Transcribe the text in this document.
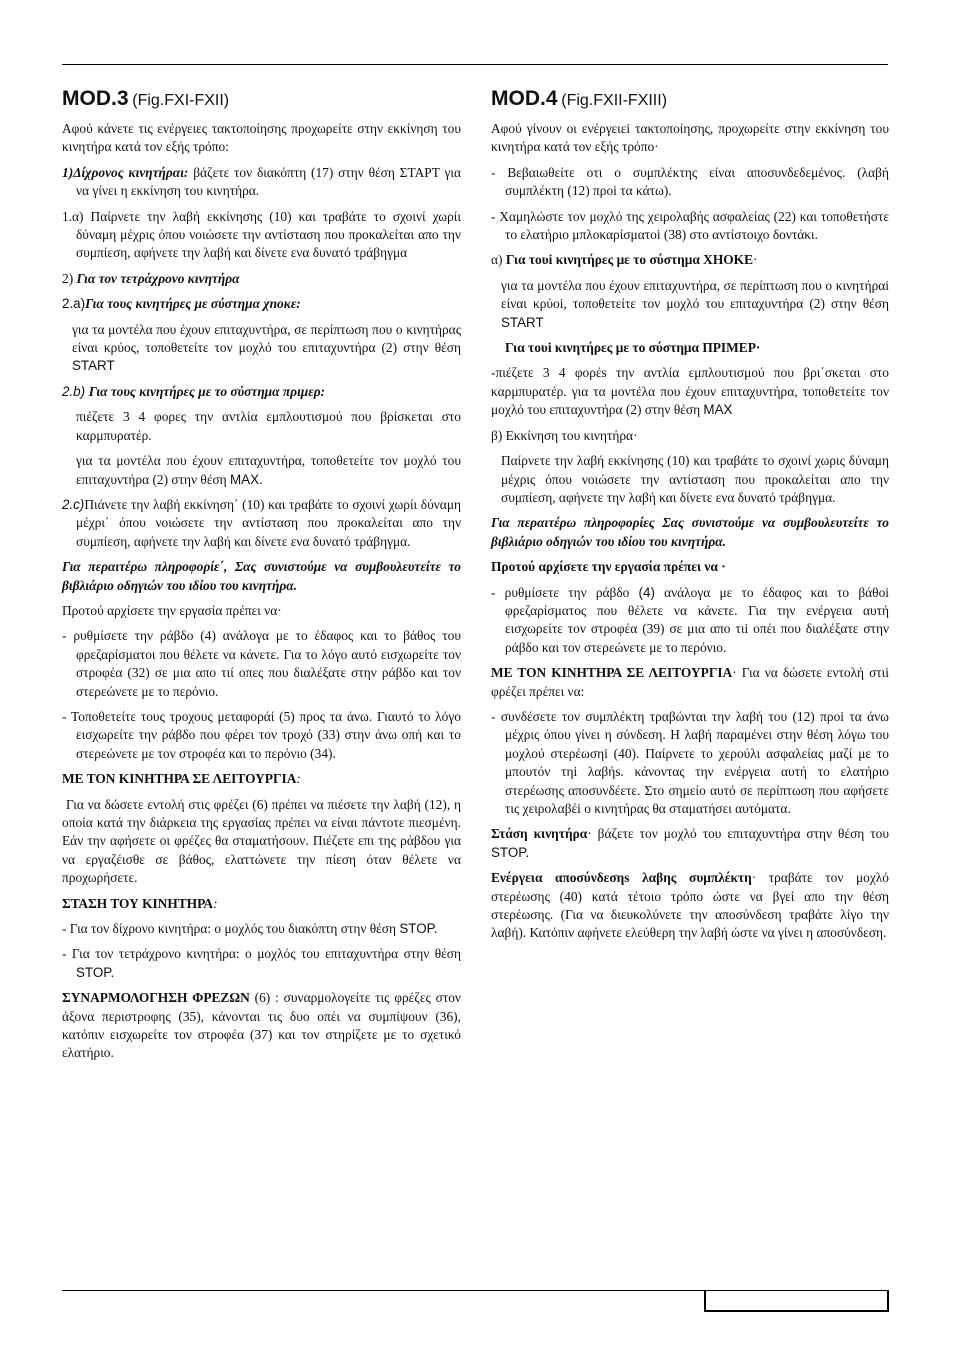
MOD.3 (Fig.FXI-FXII)

Αφού κάνετε τις ενέργειες τακτοποίησης προχωρείτε στην εκκίνηση του κινητήρα κατά τον εξής τρόπο:

1)Δίχρονος κινητήραι: βάζετε τον διακόπτη (17) στην θέση ΣΤΑΡΤ για να γίνει η εκκίνηση του κινητήρα.

1.α) Παίρνετε την λαβή εκκίνησης (10) και τραβάτε το σχοινί χωρίι δύναμη μέχρις όπου νοιώσετε την αντίσταση που προκαλείται απο την συμπίεση, αφήνετε την λαβή και δίνετε ενα δυνατό τράβηγμα

2) Για τον τετράχρονο κινητήρα

2.a)Για τους κινητήρες με σύστημα χnοκε:

για τα μοντέλα που έχουν επιταχυντήρα, σε περίπτωση που ο κινητήρας είναι κρύος, τοποθετείτε τον μοχλό του επιταχυντήρα (2) στην θέση START

2.b) Για τους κινητήρες με το σύστημα πριμερ:

πιέζετε 3 4 φορες την αντλία εμπλουτισμού που βρίσκεται στο καρμπυρατέρ.

για τα μοντέλα που έχουν επιταχυντήρα, τοποθετείτε τον μοχλό του επιταχυντήρα (2) στην θέση MAX.

2.c)Πιάνετε την λαβή εκκίνηση΄ (10) και τραβάτε το σχοινί χωρίι δύναμη μέχρι΄ όπου νοιώσετε την αντίσταση που προκαλείται απο την συμπίεση, αφήνετε την λαβή και δίνετε ενα δυνατό τράβηγμα.

Για περαιτέρω πληροφορίε΄, Σας συνιστούμε να συμβουλευτείτε το βιβλιάριο οδηγιών του ιδίου του κινητήρα.

Προτού αρχίσετε την εργασία πρέπει να·

- ρυθμίσετε την ράβδο (4) ανάλογα με το έδαφος και το βάθος του φρεζαρίσματοι που θέλετε να κάνετε. Για το λόγο αυτό εισχωρείτε τον στροφέα (32) σε μια απο τιί οπες που διαλέξατε στην ράβδο και τον στερεώνετε με το περόνιο.

- Τοποθετείτε τους τροχους μεταφοράί (5) προς τα άνω. Γιαυτό το λόγο εισχωρείτε την ράβδο που φέρει τον τροχό (33) στην άνω οπή και το στερεώνετε με τον στροφέα και το περόνιο (34).

ΜΕ ΤΟΝ ΚΙΝΗΤΗΡΑ ΣΕ ΛΕΙΤΟΥΡΓΙΑ:

Για να δώσετε εντολή στις φρέζει (6) πρέπει να πιέσετε την λαβή (12), η οποία κατά την διάρκεια της εργασίας πρέπει να είναι πάντοτε πιεσμένη. Εάν την αφήσετε οι φρέζες θα σταματήσουν. Πιέζετε επι της ράβδου για να εργαζέισθε σε βάθος, ελαττώνετε την πίεση όταν θέλετε να προχωρήσετε.

ΣΤΑΣΗ ΤΟΥ ΚΙΝΗΤΗΡΑ:

- Για τον δίχρονο κινητήρα: ο μοχλός του διακόπτη στην θέση STOP.

- Για τον τετράχρονο κινητήρα: ο μοχλός του επιταχυντήρα στην θέση STOP.

ΣΥΝΑΡΜΟΛΟΓΗΣΗ ΦΡΕΖΩΝ (6) : συναρμολογείτε τις φρέζες στον άξονα περιστροφης (35), κάνονται τις δυο οπέι να συμπίψουν (36), κατόπιν εισχωρείτε τον στροφέα (37) και τον στηρίζετε με το σχετικό ελατήριο.

MOD.4 (Fig.FXII-FXIII)

Αφού γίνουν οι ενέργειεi τακτοποίησης, προχωρείτε στην εκκίνηση του κινητήρα κατά τον εξής τρόπο·

- Βεβαιωθείτε οτι ο συμπλέκτης είναι αποσυνδεδεμένος. (λαβή συμπλέκτη (12) προi τα κάτω).

- Χαμηλώστε τον μοχλό της χειρολαβής ασφαλείας (22) και τοποθετήστε το ελατήριο μπλοκαρίσματοi (38) στο αντίστοιχο δοντάκι.

α) Για τουi κινητήρες με το σύστημα ΧΗΟΚΕ·

για τα μοντέλα που έχουν επιταχυντήρα, σε περίπτωση που ο κινητήραi είναι κρύοi, τοποθετείτε τον μοχλό του επιταχυντήρα (2) στην θέση START

Για τουi κινητήρες με το σύστημα ΠΡΙΜΕΡ·

-πιέζετε 3 4 φορέs την αντλία εμπλουτισμού που βρι΄σκεται στο καρμπυρατέρ. για τα μοντέλα που έχουν επιταχυντήρα, τοποθετείτε τον μοχλό του επιταχυντήρα (2) στην θέση MAX

β) Εκκίνηση του κινητήρα·

Παίρνετε την λαβή εκκίνησης (10) και τραβάτε το σχοινί χωρις δύναμη μέχρις όπου νοιώσετε την αντίσταση που προκαλείται απο την συμπίεση, αφήνετε την λαβή και δίνετε ενα δυνατό τράβηγμα.

Για περαιτέρω πληροφορίες Σας συνιστούμε να συμβουλευτείτε το βιβλιάριο οδηγιών του ιδίου του κινητήρα.

Προτού αρχίσετε την εργασία πρέπει να ·

- ρυθμίσετε την ράβδο (4) ανάλογα με το έδαφος και το βάθοi φρεζαρίσματος που θέλετε να κάνετε. Για την ενέργεια αυτή εισχωρείτε τον στροφέα (39) σε μια απο τιi οπέι που διαλέξατε στην ράβδο και τον στερεώνετε με το περόνιο.

ΜΕ ΤΟΝ ΚΙΝΗΤΗΡΑ ΣΕ ΛΕΙΤΟΥΡΓΙΑ· Για να δώσετε εντολή στιi φρέζει πρέπει να:

- συνδέσετε τον συμπλέκτη τραβώνται την λαβή του (12) προi τα άνω μέχρις όπου γίνει η σύνδεση. Η λαβή παραμένει στην θέση λόγω του μοχλού στερέωσηi (40). Παίρνετε το χερούλι ασφαλείας μαζί με το μπουτόν τηi λαβήs. κάνοντας την ενέργεια αυτή το ελατήριο στερέωσης αποσυνδέετε. Στο σημείο αυτό σε περίπτωση που αφήσετε τις χειρολαβέi ο κινητήρας θα σταματήσει αυτόματα.

Στάση κινητήρα· βάζετε τον μοχλό του επιταχυντήρα στην θέση του STOP.

Ενέργεια αποσύνδεσηs λαβης συμπλέκτη· τραβάτε τον μοχλό στερέωσης (40) κατά τέτοιο τρόπο ώστε να βγεί απο την θέση στερέωσης. (Για να διευκολύνετε την αποσύνδεση τραβάτε λίγο την λαβή). Κατόπιν αφήνετε ελεύθερη την λαβή ώστε να γίνει η αποσύνδεση.
